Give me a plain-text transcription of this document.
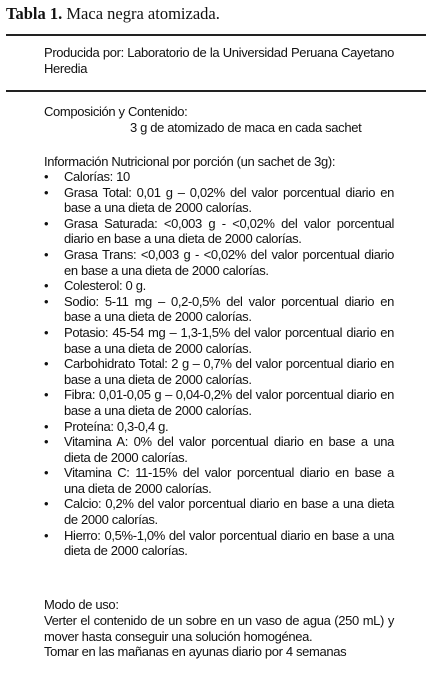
Tabla 1. Maca negra atomizada.
Producida por: Laboratorio de la Universidad Peruana Cayetano Heredia
Composición y Contenido:
3 g de atomizado de maca en cada sachet
Información Nutricional por porción (un sachet de 3g):
•	Calorías: 10
•	Grasa Total: 0,01 g – 0,02% del valor porcentual diario en base a una dieta de 2000 calorías.
•	Grasa Saturada: <0,003 g - <0,02% del valor porcentual diario en base a una dieta de 2000 calorías.
•	Grasa Trans: <0,003 g - <0,02% del valor porcentual diario en base a una dieta de 2000 calorías.
•	Colesterol: 0 g.
•	Sodio: 5-11 mg – 0,2-0,5% del valor porcentual diario en base a una dieta de 2000 calorías.
•	Potasio: 45-54 mg – 1,3-1,5% del valor porcentual diario en base a una dieta de 2000 calorías.
•	Carbohidrato Total: 2 g – 0,7% del valor porcentual diario en base a una dieta de 2000 calorías.
•	Fibra: 0,01-0,05 g – 0,04-0,2% del valor porcentual diario en base a una dieta de 2000 calorías.
•	Proteína: 0,3-0,4 g.
•	Vitamina A: 0% del valor porcentual diario en base a una dieta de 2000 calorías.
•	Vitamina C: 11-15% del valor porcentual diario en base a una dieta de 2000 calorías.
•	Calcio: 0,2% del valor porcentual diario en base a una dieta de 2000 calorías.
•	Hierro: 0,5%-1,0% del valor porcentual diario en base a una dieta de 2000 calorías.
Modo de uso:
Verter el contenido de un sobre en un vaso de agua (250 mL) y mover hasta conseguir una solución homogénea.
Tomar en las mañanas en ayunas diario por 4 semanas
